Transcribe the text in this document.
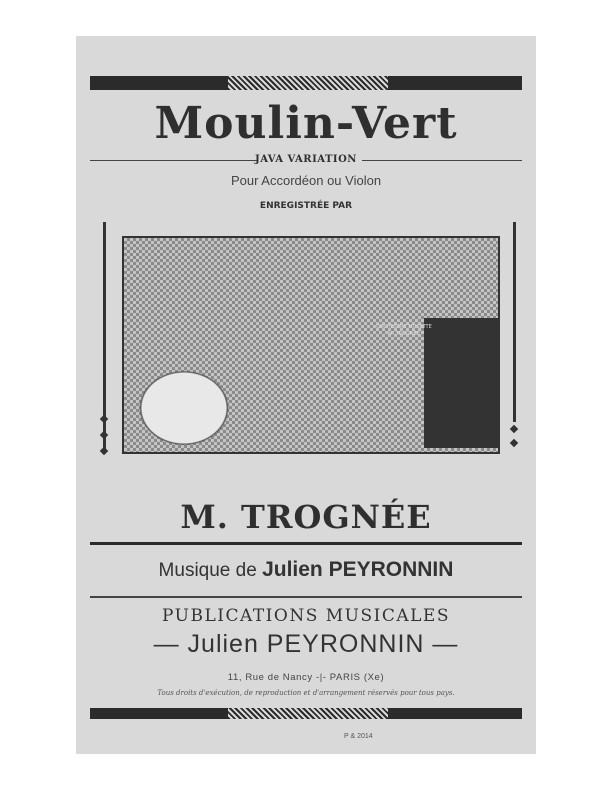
Moulin-Vert
JAVA VARIATION
Pour Accordéon ou Violon
ENREGISTRÉE PAR
ORCHESTRE MUSETTE M. TROGNÉE
M. TROGNÉE
Musique de Julien PEYRONNIN
PUBLICATIONS MUSICALES
— Julien PEYRONNIN —
11, Rue de Nancy -|- PARIS (Xe)
Tous droits d'exécution, de reproduction et d'arrangement réservés pour tous pays.
P & 2014
